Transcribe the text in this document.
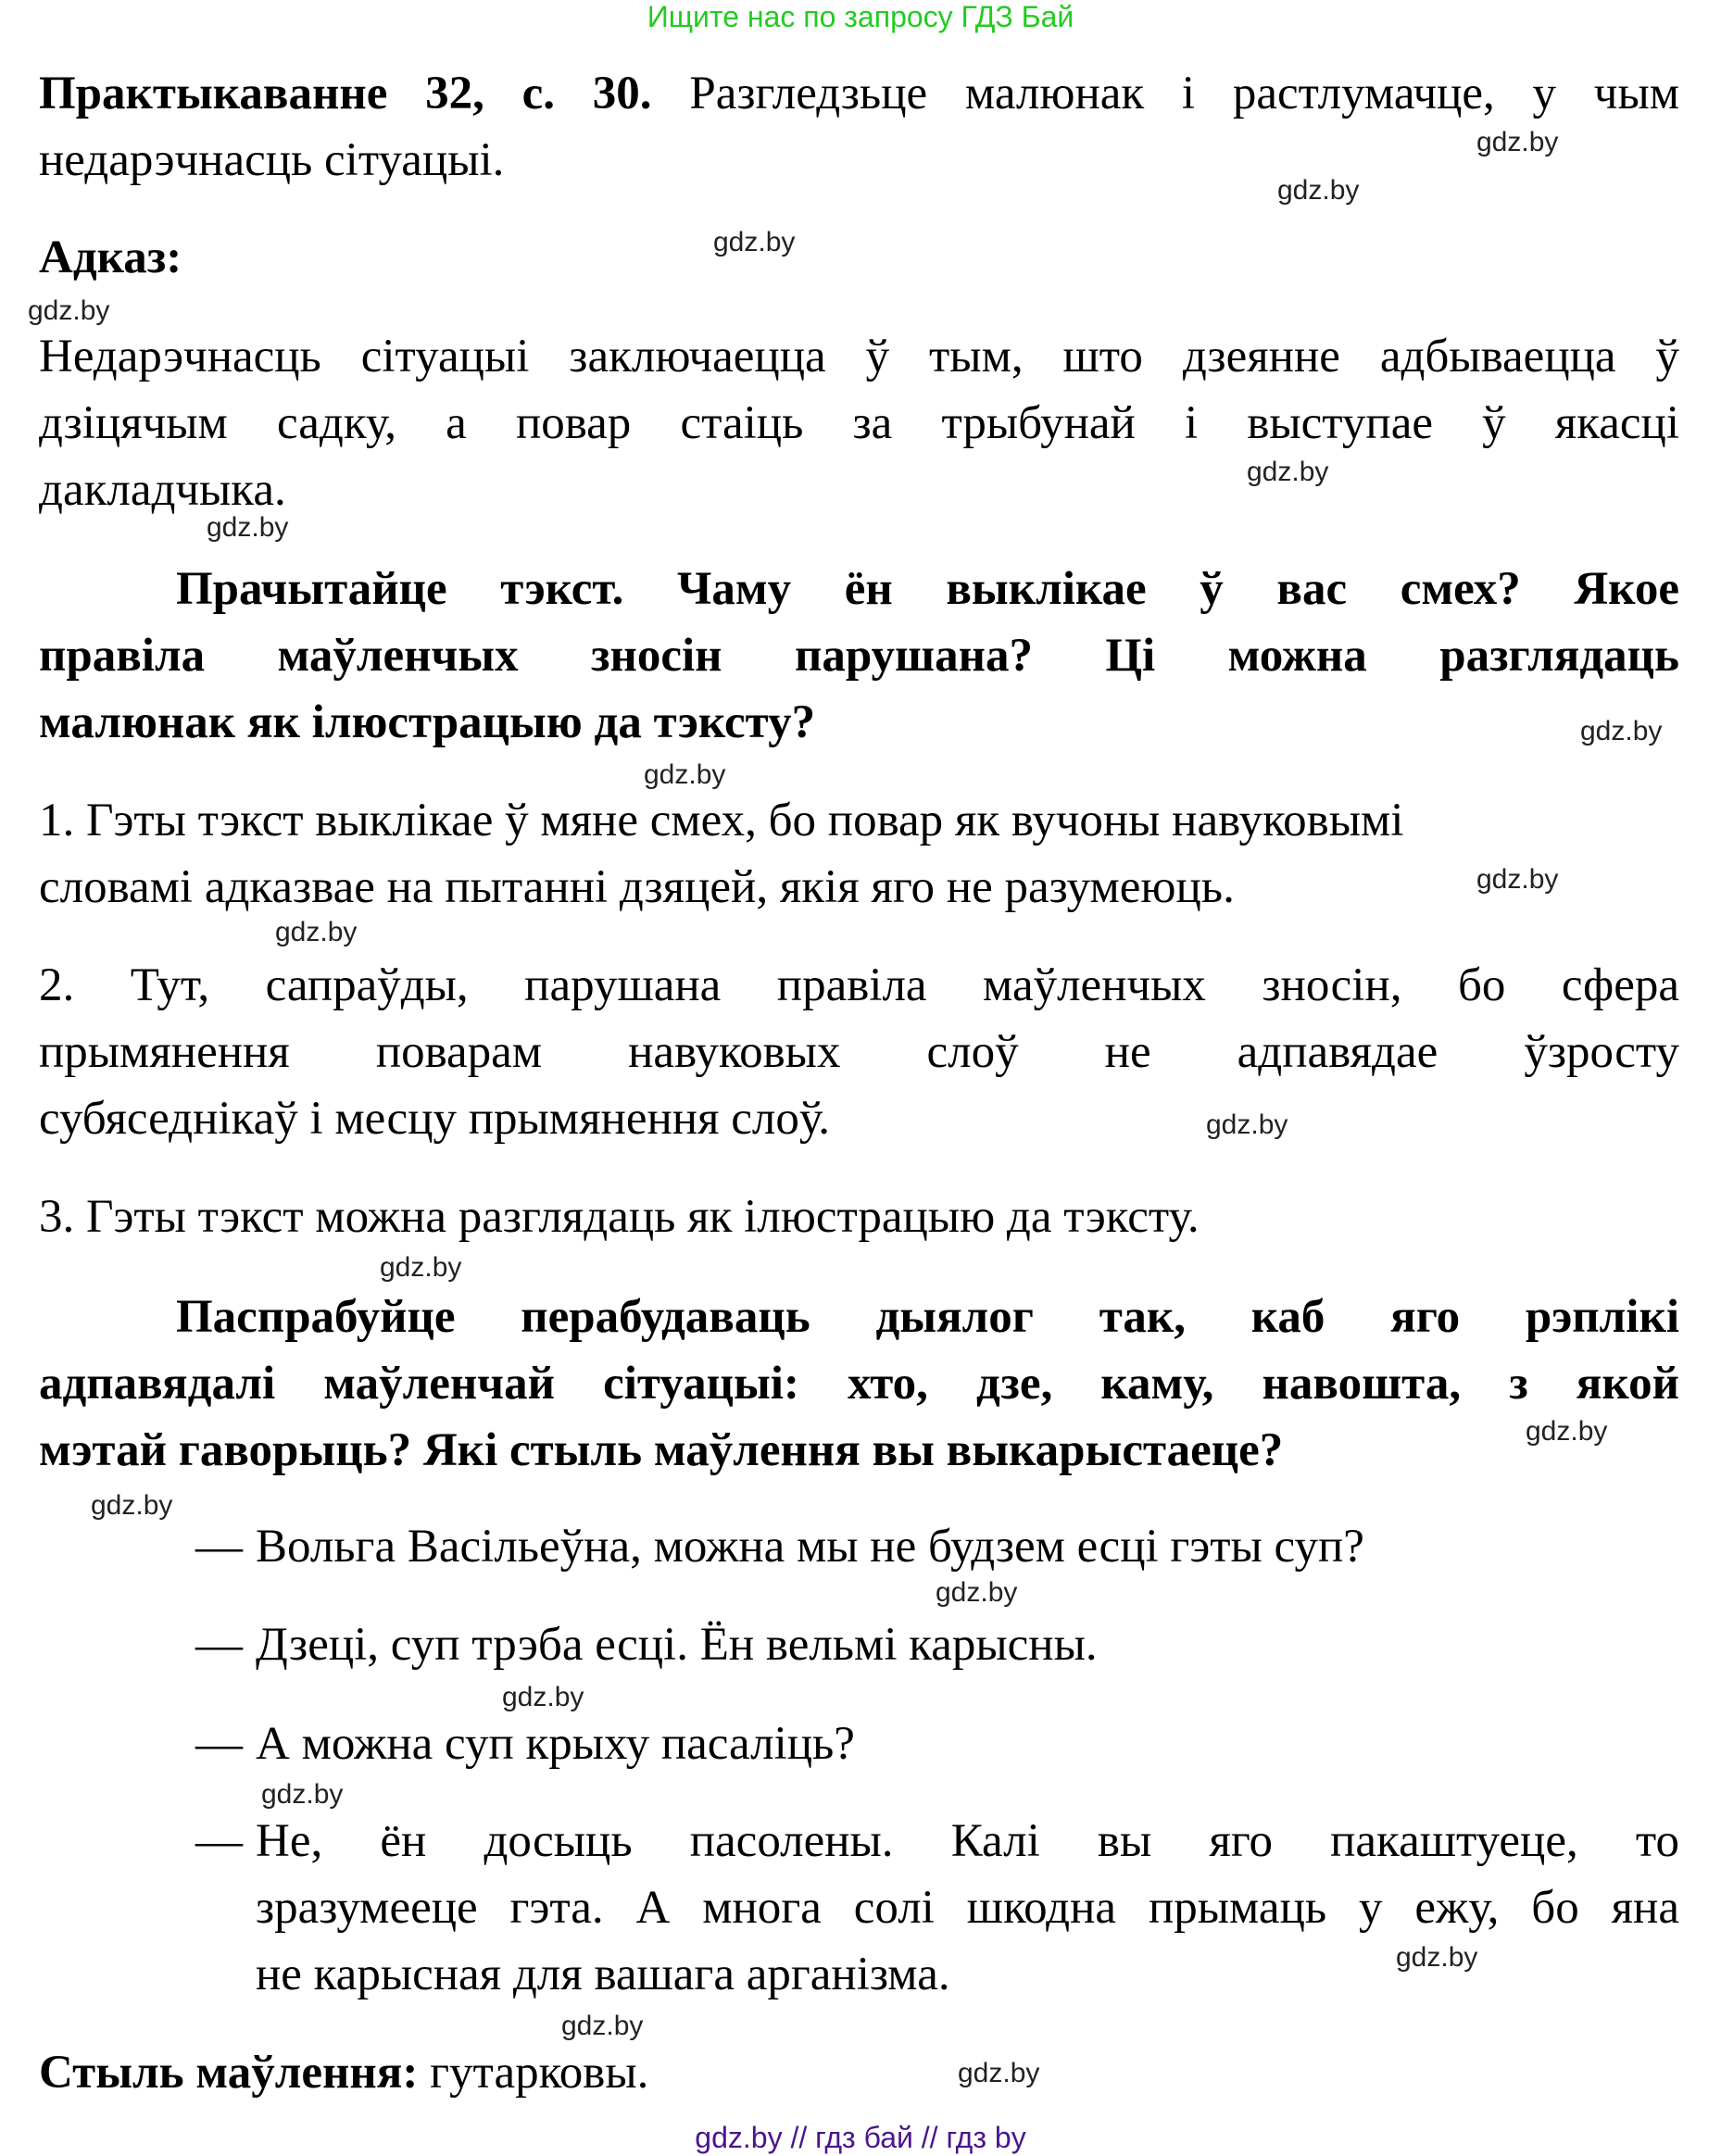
Ищите нас по запросу ГДЗ Бай
Практыкаванне 32, с. 30. Разгледзьце малюнак і растлумачце, у чым
недарэчнасць сітуацыі.
Адказ:
Недарэчнасць сітуацыі заключаецца ў тым, што дзеянне адбываецца ў
дзіцячым садку, а повар стаіць за трыбунай і выступае ў якасці
дакладчыка.
Прачытайце тэкст. Чаму ён выклікае ў вас смех? Якое
правіла маўленчых зносін парушана? Ці можна разглядаць
малюнак як ілюстрацыю да тэксту?
1. Гэты тэкст выклікае ў мяне смех, бо повар як вучоны навуковымі
словамі адказвае на пытанні дзяцей, якія яго не разумеюць.
2. Тут, сапраўды, парушана правіла маўленчых зносін, бо сфера
прымянення поварам навуковых слоў не адпавядае ўзросту
субяседнікаў і месцу прымянення слоў.
3. Гэты тэкст можна разглядаць як ілюстрацыю да тэксту.
Паспрабуйце перабудаваць дыялог так, каб яго рэплікі
адпавядалі маўленчай сітуацыі: хто, дзе, каму, навошта, з якой
мэтай гаворыць? Які стыль маўлення вы выкарыстаеце?
— Вольга Васільеўна, можна мы не будзем есці гэты суп?
— Дзеці, суп трэба есці. Ён вельмі карысны.
— А можна суп крыху пасаліць?
— Не, ён досыць пасолены. Калі вы яго пакаштуеце, то
зразумееце гэта. А многа солі шкодна прымаць у ежу, бо яна
не карысная для вашага арганізма.
Стыль маўлення: гутарковы.
gdz.by
gdz.by
gdz.by
gdz.by
gdz.by
gdz.by
gdz.by
gdz.by
gdz.by
gdz.by
gdz.by
gdz.by
gdz.by
gdz.by
gdz.by
gdz.by
gdz.by
gdz.by
gdz.by
gdz.by
gdz.by // гдз бай // гдз by
